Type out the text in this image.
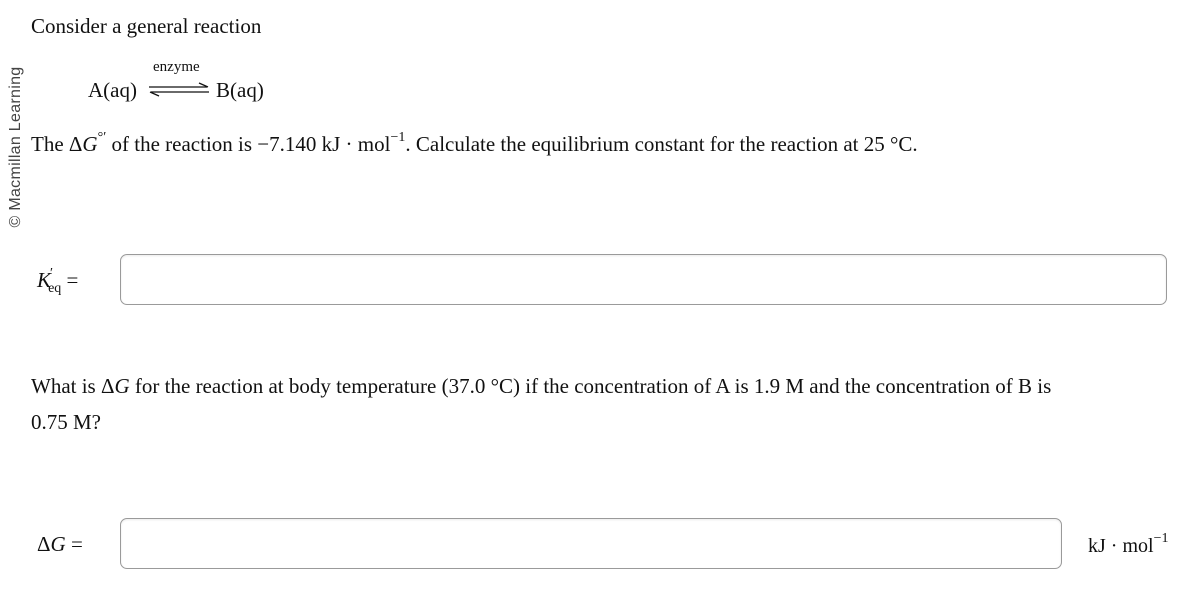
© Macmillan Learning
Consider a general reaction
A(aq)
enzyme
⇌ B(aq)
The ΔG°′ of the reaction is −7.140 kJ · mol$^{-1}$. Calculate the equilibrium constant for the reaction at 25 °C.
$K'_{eq}$ =
What is ΔG for the reaction at body temperature (37.0 °C) if the concentration of A is 1.9 M and the concentration of B is
0.75 M?
ΔG =	kJ · mol$^{-1}$
